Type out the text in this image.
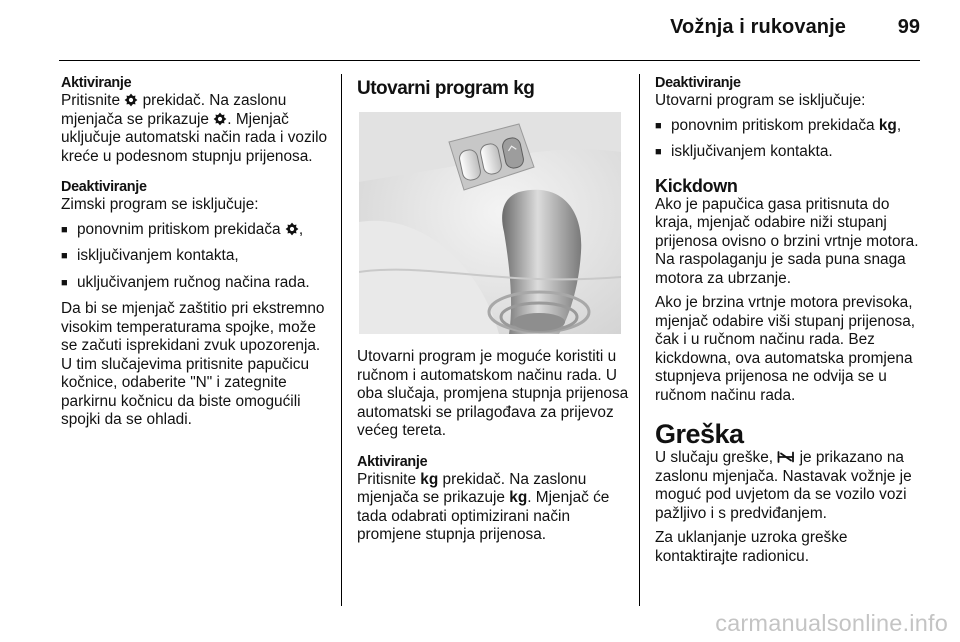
Vožnja i rukovanje	99
Aktiviranje
Pritisnite
prekidač. Na zaslonu mjenjača se prikazuje
. Mjenjač uključuje automatski način rada i vozilo kreće u podesnom stupnju prijenosa.
Deaktiviranje
Zimski program se isključuje:
■ ponovnim pritiskom prekidača
,
■ isključivanjem kontakta,
■ uključivanjem ručnog načina rada.
Da bi se mjenjač zaštitio pri ekstremno visokim temperaturama spojke, može se začuti isprekidani zvuk upozorenja. U tim slučajevima pritisnite papučicu kočnice, odaberite "N" i zategnite parkirnu kočnicu da biste omogućili spojki da se ohladi.
Utovarni program kg
Utovarni program je moguće koristiti u ručnom i automatskom načinu rada. U oba slučaja, promjena stupnja prijenosa automatski se prilagođava za prijevoz većeg tereta.
Aktiviranje
Pritisnite kg prekidač. Na zaslonu mjenjača se prikazuje kg. Mjenjač će tada odabrati optimizirani način promjene stupnja prijenosa.
Deaktiviranje
Utovarni program se isključuje:
■ ponovnim pritiskom prekidača kg,
■ isključivanjem kontakta.
Kickdown
Ako je papučica gasa pritisnuta do kraja, mjenjač odabire niži stupanj prijenosa ovisno o brzini vrtnje motora. Na raspolaganju je sada puna snaga motora za ubrzanje.
Ako je brzina vrtnje motora previsoka, mjenjač odabire viši stupanj prijenosa, čak i u ručnom načinu rada. Bez kickdowna, ova automatska promjena stupnjeva prijenosa ne odvija se u ručnom načinu rada.
Greška
U slučaju greške,
je prikazano na zaslonu mjenjača. Nastavak vožnje je moguć pod uvjetom da se vozilo vozi pažljivo i s predviđanjem.
Za uklanjanje uzroka greške kontaktirajte radionicu.
carmanualsonline.info
